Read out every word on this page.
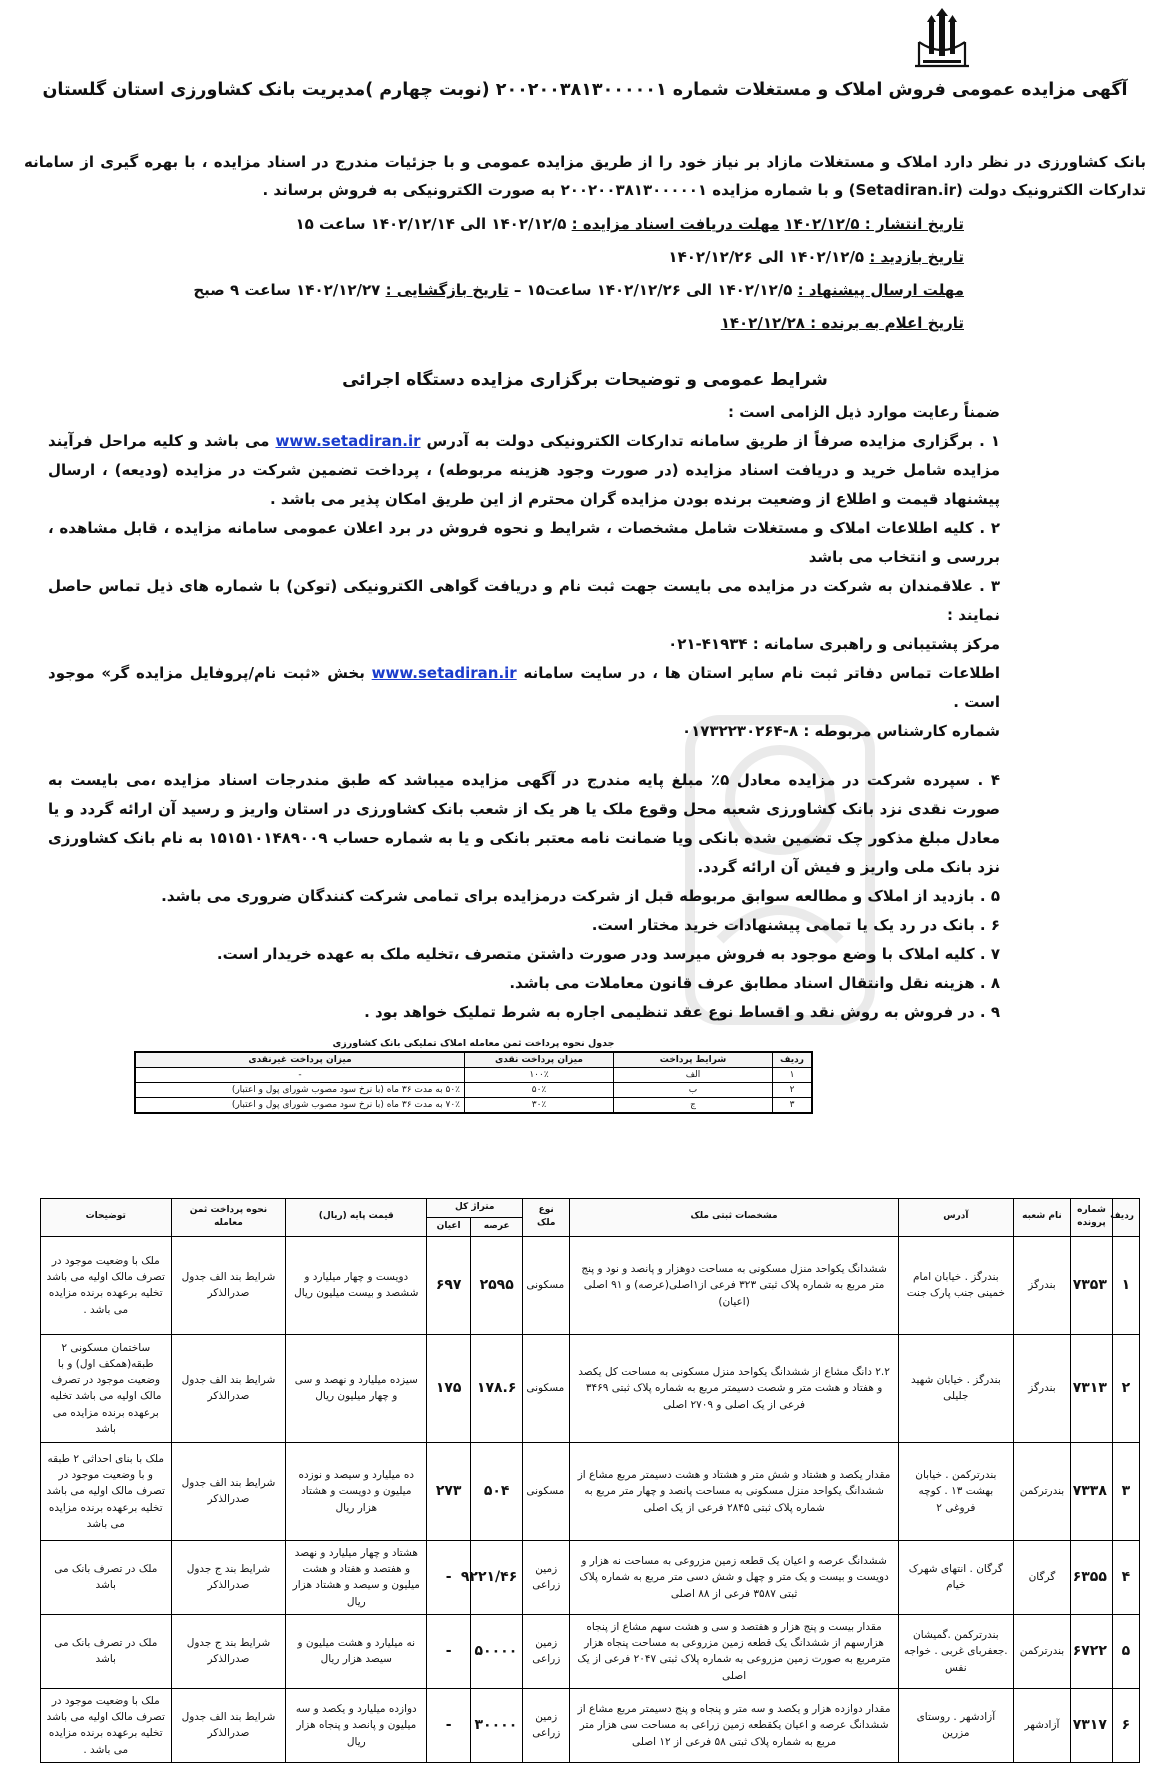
آگهی مزایده عمومی فروش املاک و مستغلات شماره ۲۰۰۲۰۰۳۸۱۳۰۰۰۰۰۱ (نوبت چهارم )مدیریت بانک کشاورزی استان گلستان
بانک کشاورزی در نظر دارد املاک و مستغلات مازاد بر نیاز خود را از طریق مزایده عمومی و با جزئیات مندرج در اسناد مزایده ، با بهره گیری از سامانه تدارکات الکترونیک دولت (Setadiran.ir) و با شماره مزایده ۲۰۰۲۰۰۳۸۱۳۰۰۰۰۰۱ به صورت الکترونیکی به فروش برساند .
تاریخ انتشار : ۱۴۰۲/۱۲/۵ مهلت دریافت اسناد مزایده : ۱۴۰۲/۱۲/۵ الی ۱۴۰۲/۱۲/۱۴ ساعت ۱۵
تاریخ بازدید : ۱۴۰۲/۱۲/۵ الی ۱۴۰۲/۱۲/۲۶
مهلت ارسال پیشنهاد : ۱۴۰۲/۱۲/۵ الی ۱۴۰۲/۱۲/۲۶ ساعت۱۵ – تاریخ بازگشایی : ۱۴۰۲/۱۲/۲۷ ساعت ۹ صبح
تاریخ اعلام به برنده : ۱۴۰۲/۱۲/۲۸
شرایط عمومی و توضیحات برگزاری مزایده دستگاه اجرائی

ضمناً رعایت موارد ذیل الزامی است :

۱ . برگزاری مزایده صرفاً از طریق سامانه تدارکات الکترونیکی دولت به آدرس www.setadiran.ir می باشد و کلیه مراحل فرآیند مزایده شامل خرید و دریافت اسناد مزایده (در صورت وجود هزینه مربوطه) ، پرداخت تضمین شرکت در مزایده (ودیعه) ، ارسال پیشنهاد قیمت و اطلاع از وضعیت برنده بودن مزایده گران محترم از این طریق امکان پذیر می باشد .

۲ . کلیه اطلاعات املاک و مستغلات شامل مشخصات ، شرایط و نحوه فروش در برد اعلان عمومی سامانه مزایده ، قابل مشاهده ، بررسی و انتخاب می باشد

۳ . علاقمندان به شرکت در مزایده می بایست جهت ثبت نام و دریافت گواهی الکترونیکی (توکن) با شماره های ذیل تماس حاصل نمایند :

مرکز پشتیبانی و راهبری سامانه : ۴۱۹۳۴-۰۲۱

اطلاعات تماس دفاتر ثبت نام سایر استان ها ، در سایت سامانه www.setadiran.ir بخش «ثبت نام/پروفایل مزایده گر» موجود است .

شماره کارشناس مربوطه : ۸-۰۱۷۳۲۲۳۰۲۶۴

۴ . سپرده شرکت در مزایده معادل ۵٪ مبلغ پایه مندرج در آگهی مزایده میباشد که طبق مندرجات اسناد مزایده ،می بایست به صورت نقدی نزد بانک کشاورزی شعبه محل وقوع ملک یا هر یک از شعب بانک کشاورزی در استان واریز و رسید آن ارائه گردد و یا معادل مبلغ مذکور چک تضمین شده بانکی ویا ضمانت نامه معتبر بانکی و یا به شماره حساب ۱۵۱۵۱۰۱۴۸۹۰۰۹ به نام بانک کشاورزی نزد بانک ملی واریز و فیش آن ارائه گردد.

۵ . بازدید از املاک و مطالعه سوابق مربوطه قبل از شرکت درمزایده برای تمامی شرکت کنندگان ضروری می باشد.

۶ . بانک در رد یک یا تمامی پیشنهادات خرید مختار است.

۷ . کلیه املاک با وضع موجود به فروش میرسد ودر صورت داشتن متصرف ،تخلیه ملک به عهده خریدار است.

۸ . هزینه نقل وانتقال اسناد مطابق عرف قانون معاملات می باشد.

۹ . در فروش به روش نقد و اقساط نوع عقد تنظیمی اجاره به شرط تملیک خواهد بود .

جدول نحوه پرداخت ثمن معامله املاک تملیکی بانک کشاورزی
ردیف	شرایط پرداخت	میزان پرداخت نقدی	میزان پرداخت غیرنقدی
۱	الف	۱۰۰٪	-
۲	ب	۵۰٪	۵۰٪ به مدت ۳۶ ماه (با نرخ سود مصوب شورای پول و اعتبار)
۳	ج	۳۰٪	۷۰٪ به مدت ۳۶ ماه (با نرخ سود مصوب شورای پول و اعتبار)
ردیف	شماره پرونده	نام شعبه	آدرس	مشخصات ثبتی ملک	نوع ملک	متراژ کل		قیمت پایه (ریال)	نحوه پرداخت ثمن معامله	توضیحات
						عرصه	اعیان			
۱	۷۳۵۳	بندرگز	بندرگز . خیابان امام خمینی جنب پارک جنت	ششدانگ یکواحد منزل مسکونی به مساحت دوهزار و پانصد و نود و پنج متر مربع به شماره پلاک ثبتی ۳۲۳ فرعی از۱اصلی(عرصه) و ۹۱ اصلی (اعیان)	مسکونی	۲۵۹۵	۶۹۷	دویست و چهار میلیارد و ششصد و بیست میلیون ریال	شرایط بند الف جدول صدرالذکر	ملک با وضعیت موجود در تصرف مالک اولیه می باشد تخلیه برعهده برنده مزایده می باشد .
۲	۷۳۱۳	بندرگز	بندرگز . خیابان شهید جلیلی	۲.۲ دانگ مشاع از ششدانگ یکواحد منزل مسکونی به مساحت کل یکصد و هفتاد و هشت متر و شصت دسیمتر مربع به شماره پلاک ثبتی ۳۴۶۹ فرعی از یک اصلی و ۲۷۰۹ اصلی	مسکونی	۱۷۸.۶	۱۷۵	سیزده میلیارد و نهصد و سی و چهار میلیون ریال	شرایط بند الف جدول صدرالذکر	ساختمان مسکونی ۲ طبقه(همکف اول) و با وضعیت موجود در تصرف مالک اولیه می باشد تخلیه برعهده برنده مزایده می باشد
۳	۷۳۳۸	بندرترکمن	بندرترکمن . خیابان بهشت ۱۳ . کوچه فروغی ۲	مقدار یکصد و هشتاد و شش متر و هشتاد و هشت دسیمتر مربع مشاع از ششدانگ یکواحد منزل مسکونی به مساحت پانصد و چهار متر مربع به شماره پلاک ثبتی ۲۸۴۵ فرعی از یک اصلی	مسکونی	۵۰۴	۲۷۳	ده میلیارد و سیصد و نوزده میلیون و دویست و هشتاد هزار ریال	شرایط بند الف جدول صدرالذکر	ملک با بنای احداثی ۲ طبقه و با وضعیت موجود در تصرف مالک اولیه می باشد تخلیه برعهده برنده مزایده می باشد
۴	۶۳۵۵	گرگان	گرگان . انتهای شهرک خیام	ششدانگ عرصه و اعیان یک قطعه زمین مزروعی به مساحت نه هزار و دویست و بیست و یک متر و چهل و شش دسی متر مربع به شماره پلاک ثبتی ۳۵۸۷ فرعی از ۸۸ اصلی	زمین زراعی	۹۲۲۱/۴۶	-	هشتاد و چهار میلیارد و نهصد و هفتصد و هفتاد و هشت میلیون و سیصد و هشتاد هزار ریال	شرایط بند ج جدول صدرالذکر	ملک در تصرف بانک می باشد
۵	۶۷۲۲	بندرترکمن	بندرترکمن .گمیشان .جعفربای غربی . خواجه نفس	مقدار بیست و پنج هزار و هفتصد و سی و هشت سهم مشاع از پنجاه هزارسهم از ششدانگ یک قطعه زمین مزروعی به مساحت پنجاه هزار مترمربع به صورت زمین مزروعی به شماره پلاک ثبتی ۲۰۴۷ فرعی از یک اصلی	زمین زراعی	۵۰۰۰۰	-	نه میلیارد و هشت میلیون و سیصد هزار ریال	شرایط بند ج جدول صدرالذکر	ملک در تصرف بانک می باشد
۶	۷۳۱۷	آزادشهر	آزادشهر . روستای مزرین	مقدار دوازده هزار و یکصد و سه متر و پنجاه و پنج دسیمتر مربع مشاع از ششدانگ عرصه و اعیان یکقطعه زمین زراعی به مساحت سی هزار متر مربع به شماره پلاک ثبتی ۵۸ فرعی از ۱۲ اصلی	زمین زراعی	۳۰۰۰۰	-	دوازده میلیارد و یکصد و سه میلیون و پانصد و پنجاه هزار ریال	شرایط بند الف جدول صدرالذکر	ملک با وضعیت موجود در تصرف مالک اولیه می باشد تخلیه برعهده برنده مزایده می باشد .
